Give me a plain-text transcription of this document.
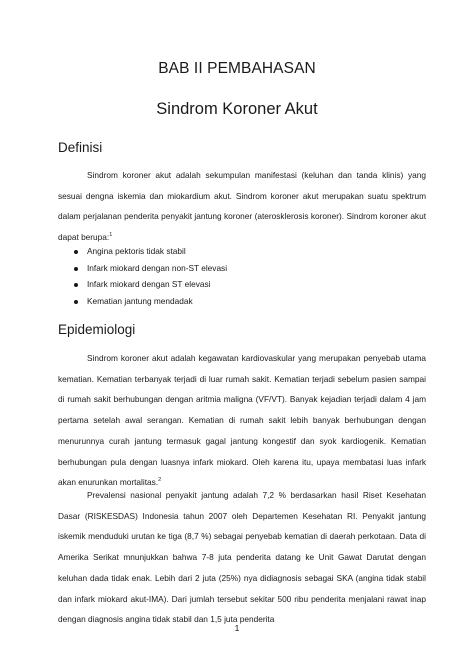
BAB II PEMBAHASAN
Sindrom Koroner Akut
Definisi

Sindrom koroner akut adalah sekumpulan manifestasi (keluhan dan tanda klinis) yang sesuai dengna iskemia dan miokardium akut. Sindrom koroner akut merupakan suatu spektrum dalam perjalanan penderita penyakit jantung koroner (aterosklerosis koroner). Sindrom koroner akut dapat berupa:$^1$

Angina pektoris tidak stabil
Infark miokard dengan non-ST elevasi
Infark miokard dengan ST elevasi
Kematian jantung mendadak
Epidemiologi

Sindrom koroner akut adalah kegawatan kardiovaskular yang merupakan penyebab utama kematian. Kematian terbanyak terjadi di luar rumah sakit. Kematian terjadi sebelum pasien sampai di rumah sakit berhubungan dengan aritmia maligna (VF/VT). Banyak kejadian terjadi dalam 4 jam pertama setelah awal serangan. Kematian di rumah sakit lebih banyak berhubungan dengan menurunnya curah jantung termasuk gagal jantung kongestif dan syok kardiogenik. Kematian berhubungan pula dengan luasnya infark miokard. Oleh karena itu, upaya membatasi luas infark akan enurunkan mortalitas.$^2$

Prevalensi nasional penyakit jantung adalah 7,2 % berdasarkan hasil Riset Kesehatan Dasar (RISKESDAS) Indonesia tahun 2007 oleh Departemen Kesehatan RI. Penyakit jantung iskemik menduduki urutan ke tiga (8,7 %) sebagai penyebab kematian di daerah perkotaan. Data di Amerika Serikat mnunjukkan bahwa 7-8 juta penderita datang ke Unit Gawat Darutat dengan keluhan dada tidak enak. Lebih dari 2 juta (25%) nya didiagnosis sebagai SKA (angina tidak stabil dan infark miokard akut-IMA). Dari jumlah tersebut sekitar 500 ribu penderita menjalani rawat inap dengan diagnosis angina tidak stabil dan 1,5 juta penderita

1
